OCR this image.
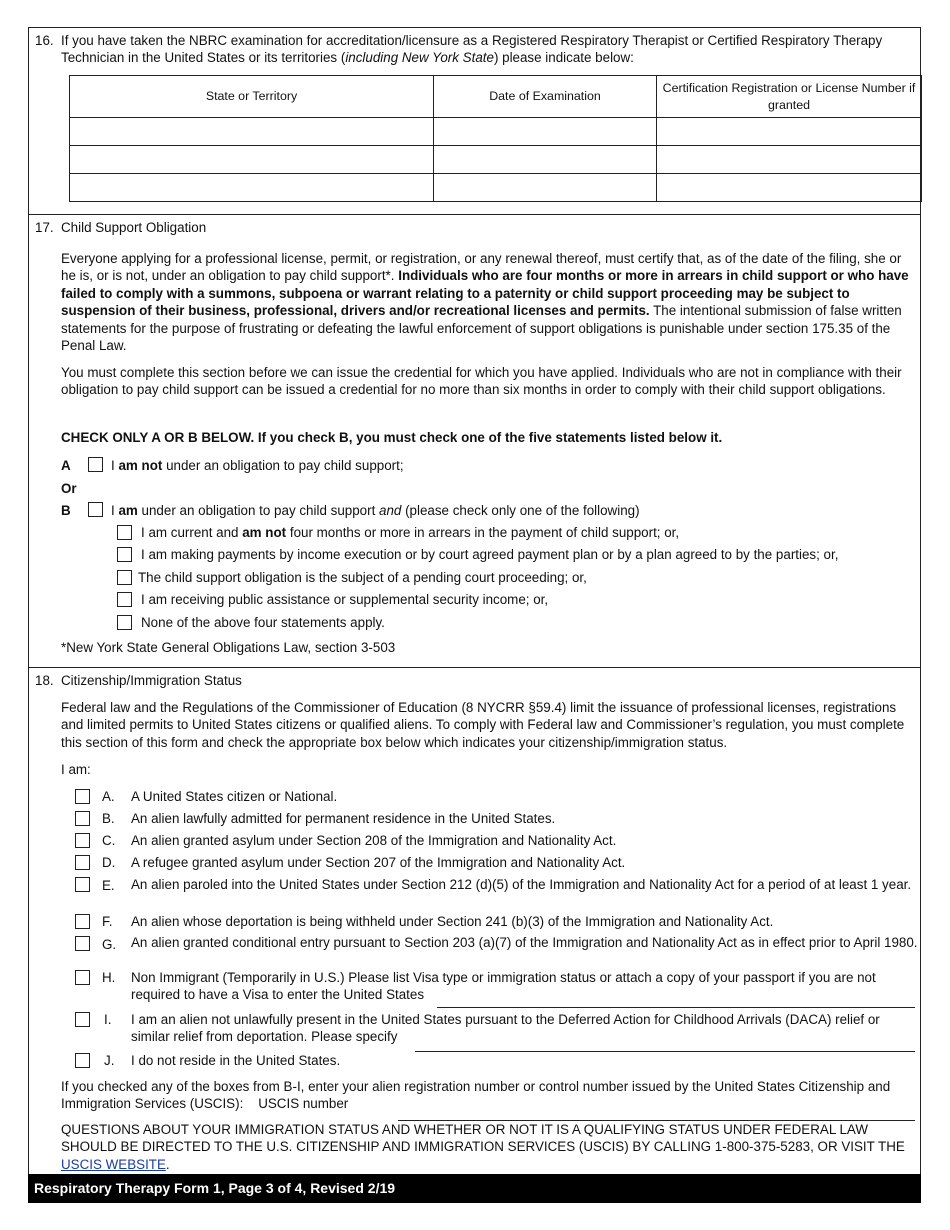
16. If you have taken the NBRC examination for accreditation/licensure as a Registered Respiratory Therapist or Certified Respiratory Therapy Technician in the United States or its territories (including New York State) please indicate below:
State or Territory	Date of Examination	Certification Registration or License Number if granted

17. Child Support Obligation
Everyone applying for a professional license, permit, or registration, or any renewal thereof, must certify that, as of the date of the filing, she or he is, or is not, under an obligation to pay child support*. Individuals who are four months or more in arrears in child support or who have failed to comply with a summons, subpoena or warrant relating to a paternity or child support proceeding may be subject to suspension of their business, professional, drivers and/or recreational licenses and permits. The intentional submission of false written statements for the purpose of frustrating or defeating the lawful enforcement of support obligations is punishable under section 175.35 of the Penal Law.
You must complete this section before we can issue the credential for which you have applied. Individuals who are not in compliance with their obligation to pay child support can be issued a credential for no more than six months in order to comply with their child support obligations.
CHECK ONLY A OR B BELOW. If you check B, you must check one of the five statements listed below it.
A	I am not under an obligation to pay child support;
Or
B	I am under an obligation to pay child support and (please check only one of the following)
I am current and am not four months or more in arrears in the payment of child support; or,
I am making payments by income execution or by court agreed payment plan or by a plan agreed to by the parties; or,
The child support obligation is the subject of a pending court proceeding; or,
I am receiving public assistance or supplemental security income; or,
None of the above four statements apply.
*New York State General Obligations Law, section 3-503
18. Citizenship/Immigration Status
Federal law and the Regulations of the Commissioner of Education (8 NYCRR §59.4) limit the issuance of professional licenses, registrations and limited permits to United States citizens or qualified aliens. To comply with Federal law and Commissioner’s regulation, you must complete this section of this form and check the appropriate box below which indicates your citizenship/immigration status.
I am:
A. A United States citizen or National.
B. An alien lawfully admitted for permanent residence in the United States.
C. An alien granted asylum under Section 208 of the Immigration and Nationality Act.
D. A refugee granted asylum under Section 207 of the Immigration and Nationality Act.
E. An alien paroled into the United States under Section 212 (d)(5) of the Immigration and Nationality Act for a period of at least 1 year.
F. An alien whose deportation is being withheld under Section 241 (b)(3) of the Immigration and Nationality Act.
G. An alien granted conditional entry pursuant to Section 203 (a)(7) of the Immigration and Nationality Act as in effect prior to April 1980.
H. Non Immigrant (Temporarily in U.S.) Please list Visa type or immigration status or attach a copy of your passport if you are not required to have a Visa to enter the United States
I. I am an alien not unlawfully present in the United States pursuant to the Deferred Action for Childhood Arrivals (DACA) relief or similar relief from deportation. Please specify
J. I do not reside in the United States.
If you checked any of the boxes from B-I, enter your alien registration number or control number issued by the United States Citizenship and Immigration Services (USCIS): USCIS number
QUESTIONS ABOUT YOUR IMMIGRATION STATUS AND WHETHER OR NOT IT IS A QUALIFYING STATUS UNDER FEDERAL LAW SHOULD BE DIRECTED TO THE U.S. CITIZENSHIP AND IMMIGRATION SERVICES (USCIS) BY CALLING 1-800-375-5283, OR VISIT THE USCIS WEBSITE.
Respiratory Therapy Form 1, Page 3 of 4, Revised 2/19
